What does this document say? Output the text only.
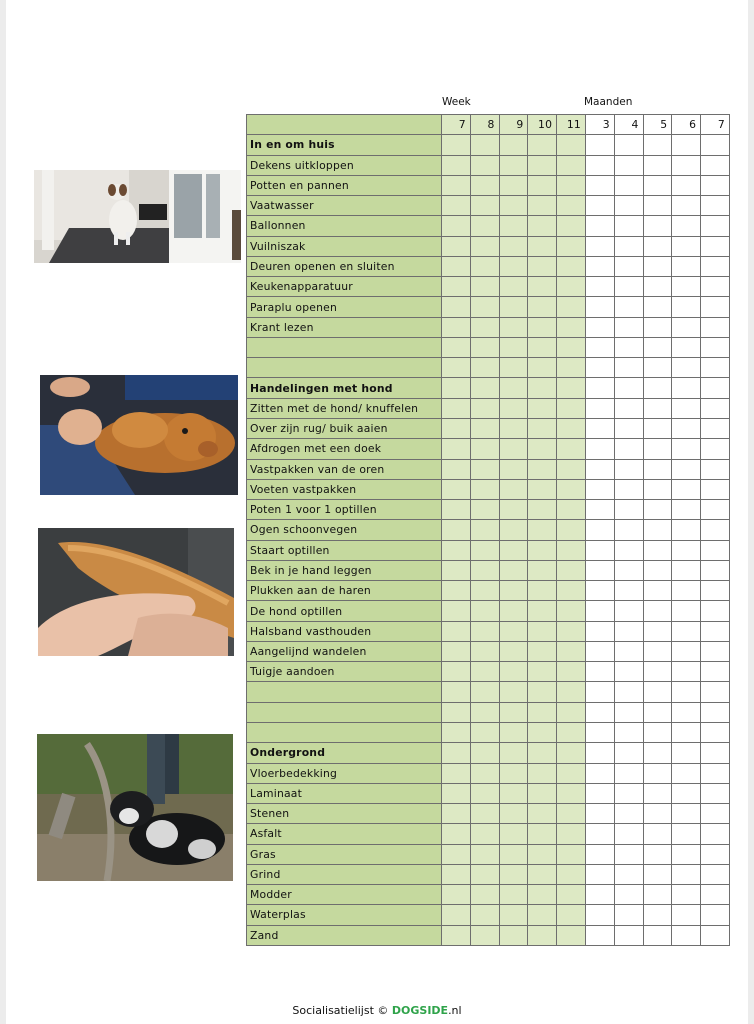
Week	Maanden
	7	8	9	10	11	3	4	5	6	7
In en om huis										
Dekens uitkloppen										
Potten en pannen										
Vaatwasser										
Ballonnen										
Vuilniszak										
Deuren openen en sluiten										
Keukenapparatuur										
Paraplu openen										
Krant lezen										

Handelingen met hond										
Zitten met de hond/ knuffelen										
Over zijn rug/ buik aaien										
Afdrogen met een doek										
Vastpakken van de oren										
Voeten vastpakken										
Poten 1 voor 1 optillen										
Ogen schoonvegen										
Staart optillen										
Bek in je hand leggen										
Plukken aan de haren										
De hond optillen										
Halsband vasthouden										
Aangelijnd wandelen										
Tuigje aandoen										

Ondergrond										
Vloerbedekking										
Laminaat										
Stenen										
Asfalt										
Gras										
Grind										
Modder										
Waterplas										
Zand										
Socialisatielijst © DOGSIDE.nl
